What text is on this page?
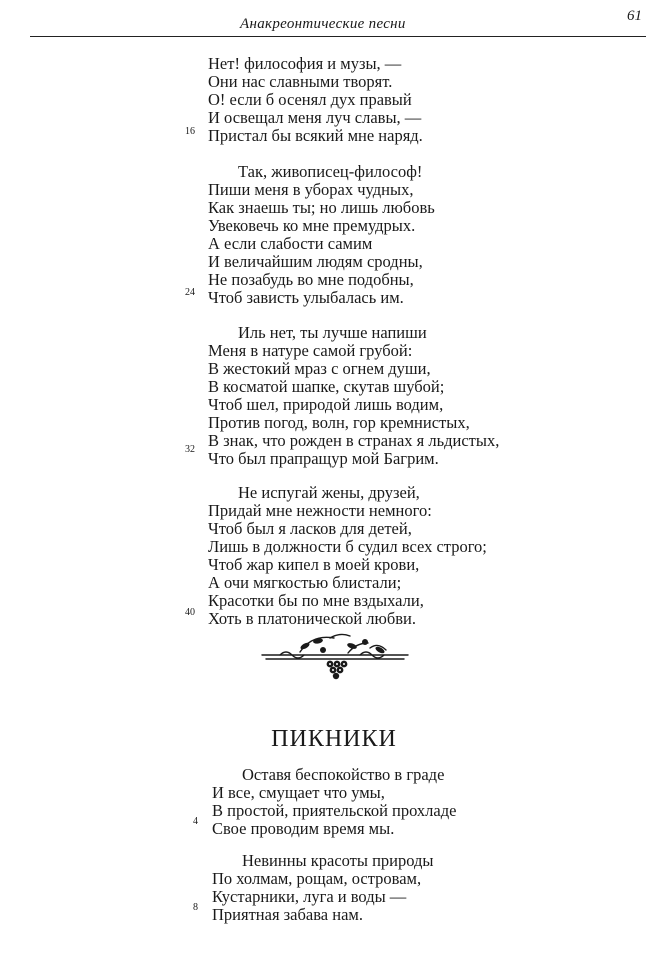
Анакреонтические песни	61
Нет! философия и музы, —
Они нас славными творят.
О! если б осенял дух правый
И освещал меня луч славы, —
Пристал бы всякий мне наряд.
16
Так, живописец-философ!
Пиши меня в уборах чудных,
Как знаешь ты; но лишь любовь
Увековечь ко мне премудрых.
А если слабости самим
И величайшим людям сродны,
Не позабудь во мне подобны,
Чтоб зависть улыбалась им.
24
Иль нет, ты лучше напиши
Меня в натуре самой грубой:
В жестокий мраз с огнем души,
В косматой шапке, скутав шубой;
Чтоб шел, природой лишь водим,
Против погод, волн, гор кремнистых,
В знак, что рожден в странах я льдистых,
Что был прапращур мой Багрим.
32
Не испугай жены, друзей,
Придай мне нежности немного:
Чтоб был я ласков для детей,
Лишь в должности б судил всех строго;
Чтоб жар кипел в моей крови,
А очи мягкостью блистали;
Красотки бы по мне вздыхали,
Хоть в платонической любви.
40
ПИКНИКИ
Оставя беспокойство в граде
И все, смущает что умы,
В простой, приятельской прохладе
Свое проводим время мы.
4
Невинны красоты природы
По холмам, рощам, островам,
Кустарники, луга и воды —
Приятная забава нам.
8
